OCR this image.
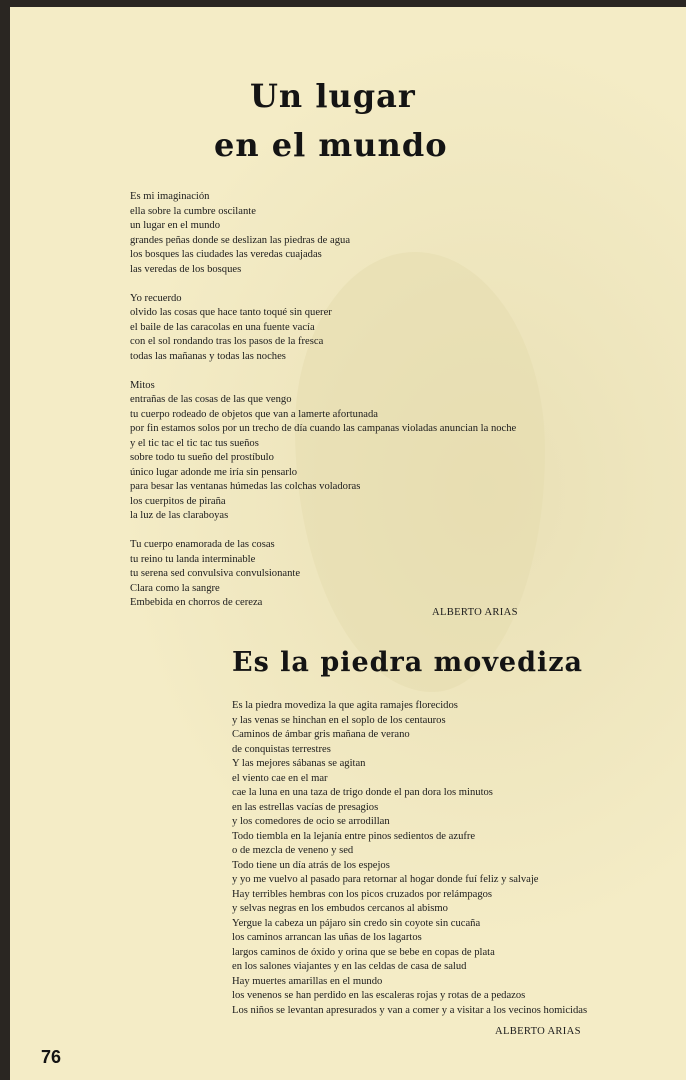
Un lugar
en el mundo
Es mi imaginación
ella sobre la cumbre oscilante
un lugar en el mundo
grandes peñas donde se deslizan las piedras de agua
los bosques las ciudades las veredas cuajadas
las veredas de los bosques
Yo recuerdo
olvido las cosas que hace tanto toqué sin querer
el baile de las caracolas en una fuente vacía
con el sol rondando tras los pasos de la fresca
todas las mañanas y todas las noches
Mitos
entrañas de las cosas de las que vengo
tu cuerpo rodeado de objetos que van a lamerte afortunada
por fin estamos solos por un trecho de día cuando las campanas violadas anuncian la noche
y el tic tac el tic tac tus sueños
sobre todo tu sueño del prostíbulo
único lugar adonde me iría sin pensarlo
para besar las ventanas húmedas las colchas voladoras
los cuerpitos de piraña
la luz de las claraboyas
Tu cuerpo enamorada de las cosas
tu reino tu landa interminable
tu serena sed convulsiva convulsionante
Clara como la sangre
Embebida en chorros de cereza
ALBERTO ARIAS
Es la piedra movediza
Es la piedra movediza la que agita ramajes florecidos
y las venas se hinchan en el soplo de los centauros
Caminos de ámbar gris mañana de verano
de conquistas terrestres
Y las mejores sábanas se agitan
el viento cae en el mar
cae la luna en una taza de trigo donde el pan dora los minutos
en las estrellas vacías de presagios
y los comedores de ocio se arrodillan
Todo tiembla en la lejanía entre pinos sedientos de azufre
o de mezcla de veneno y sed
Todo tiene un día atrás de los espejos
y yo me vuelvo al pasado para retornar al hogar donde fuí feliz y salvaje
Hay terribles hembras con los picos cruzados por relámpagos
y selvas negras en los embudos cercanos al abismo
Yergue la cabeza un pájaro sin credo sin coyote sin cucaña
los caminos arrancan las uñas de los lagartos
largos caminos de óxido y orina que se bebe en copas de plata
en los salones viajantes y en las celdas de casa de salud
Hay muertes amarillas en el mundo
los venenos se han perdido en las escaleras rojas y rotas de a pedazos
Los niños se levantan apresurados y van a comer y a visitar a los vecinos homicidas
ALBERTO ARIAS
76
